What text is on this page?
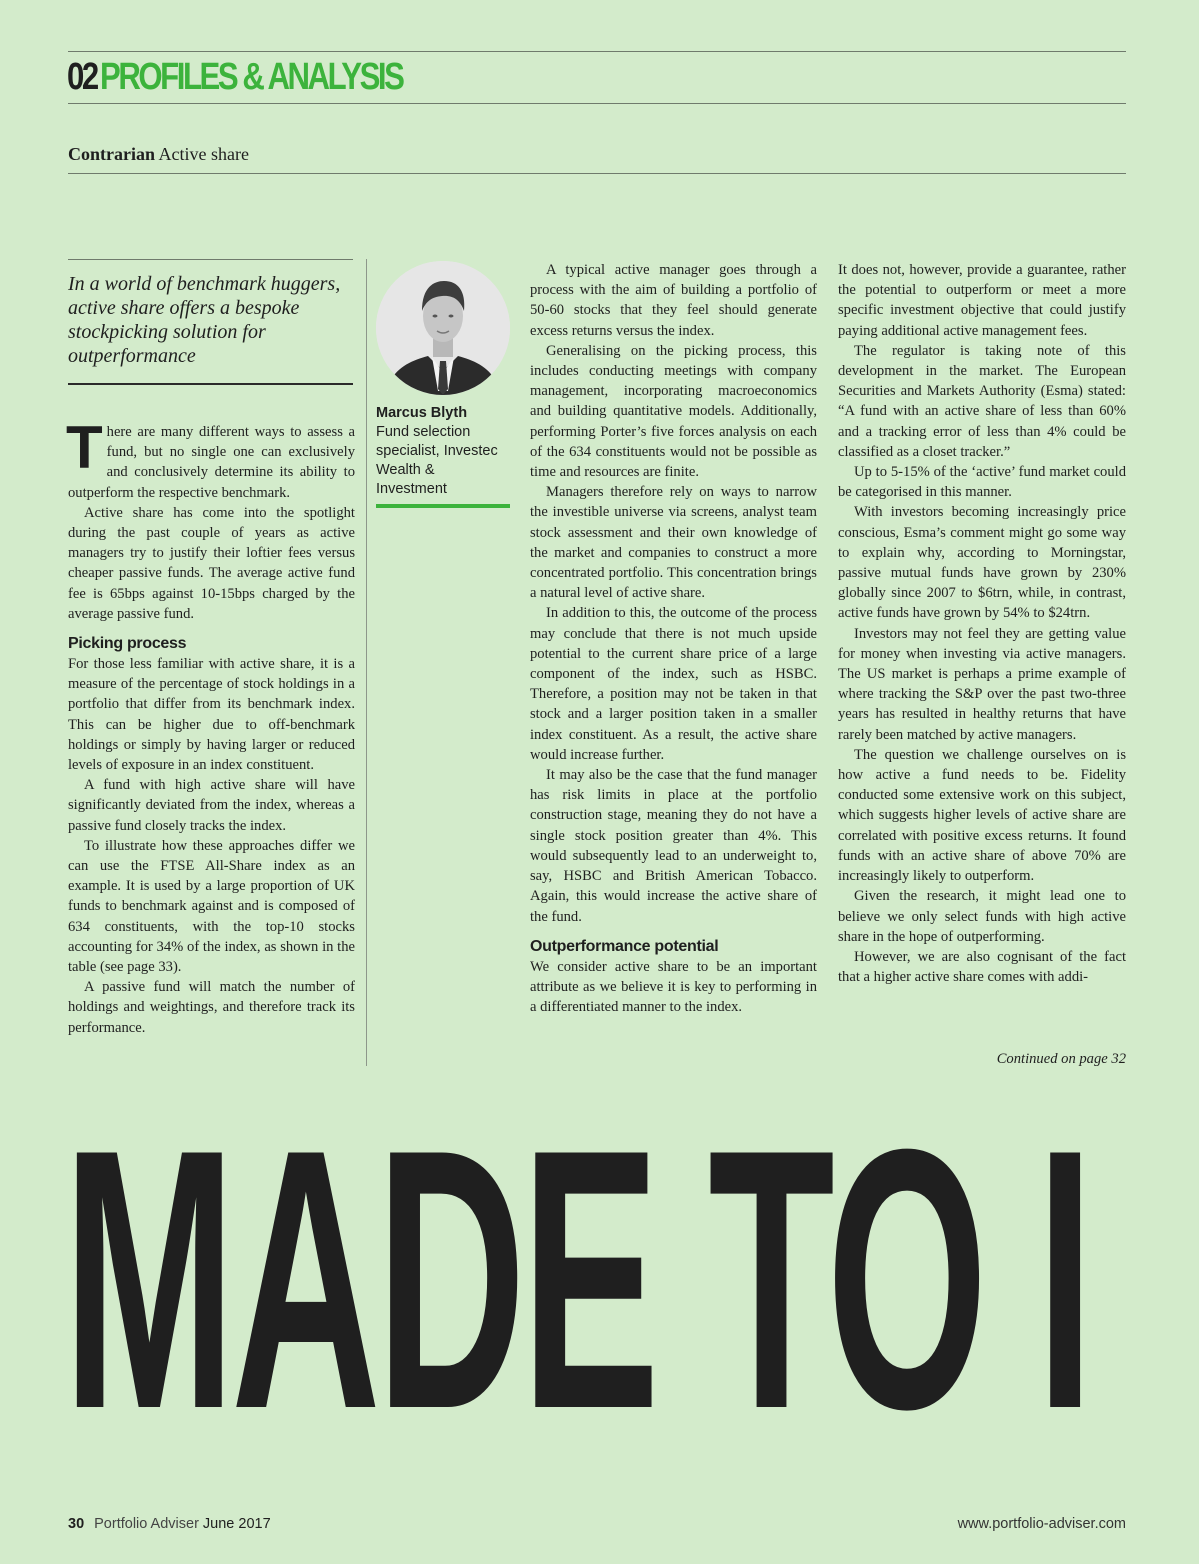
02PROFILES & ANALYSIS
Contrarian Active share

In a world of benchmark huggers, active share offers a bespoke stockpicking solution for outperformance

Marcus Blyth
Fund selection specialist, Investec Wealth & Investment

There are many different ways to assess a fund, but no single one can exclusively and conclusively determine its ability to outperform the respective benchmark.

Active share has come into the spotlight during the past couple of years as active managers try to justify their loftier fees versus cheaper passive funds. The average active fund fee is 65bps against 10-15bps charged by the average passive fund.

Picking process

For those less familiar with active share, it is a measure of the percentage of stock holdings in a portfolio that differ from its benchmark index. This can be higher due to off-benchmark holdings or simply by having larger or reduced levels of exposure in an index constituent.

A fund with high active share will have significantly deviated from the index, whereas a passive fund closely tracks the index.

To illustrate how these approaches differ we can use the FTSE All-Share index as an example. It is used by a large proportion of UK funds to benchmark against and is composed of 634 constituents, with the top-10 stocks accounting for 34% of the index, as shown in the table (see page 33).

A passive fund will match the number of holdings and weightings, and therefore track its performance.

A typical active manager goes through a process with the aim of building a portfolio of 50-60 stocks that they feel should generate excess returns versus the index.

Generalising on the picking process, this includes conducting meetings with company management, incorporating macroeconomics and building quantitative models. Additionally, performing Porter’s five forces analysis on each of the 634 constituents would not be possible as time and resources are finite.

Managers therefore rely on ways to narrow the investible universe via screens, analyst team stock assessment and their own knowledge of the market and companies to construct a more concentrated portfolio. This concentration brings a natural level of active share.

In addition to this, the outcome of the process may conclude that there is not much upside potential to the current share price of a large component of the index, such as HSBC. Therefore, a position may not be taken in that stock and a larger position taken in a smaller index constituent. As a result, the active share would increase further.

It may also be the case that the fund manager has risk limits in place at the portfolio construction stage, meaning they do not have a single stock position greater than 4%. This would subsequently lead to an underweight to, say, HSBC and British American Tobacco. Again, this would increase the active share of the fund.

Outperformance potential

We consider active share to be an important attribute as we believe it is key to performing in a differentiated manner to the index.

It does not, however, provide a guarantee, rather the potential to outperform or meet a more specific investment objective that could justify paying additional active management fees.

The regulator is taking note of this development in the market. The European Securities and Markets Authority (Esma) stated: “A fund with an active share of less than 60% and a tracking error of less than 4% could be classified as a closet tracker.”

Up to 5-15% of the ‘active’ fund market could be categorised in this manner.

With investors becoming increasingly price conscious, Esma’s comment might go some way to explain why, according to Morningstar, passive mutual funds have grown by 230% globally since 2007 to $6trn, while, in contrast, active funds have grown by 54% to $24trn.

Investors may not feel they are getting value for money when investing via active managers. The US market is perhaps a prime example of where tracking the S&P over the past two-three years has resulted in healthy returns that have rarely been matched by active managers.

The question we challenge ourselves on is how active a fund needs to be. Fidelity conducted some extensive work on this subject, which suggests higher levels of active share are correlated with positive excess returns. It found funds with an active share of above 70% are increasingly likely to outperform.

Given the research, it might lead one to believe we only select funds with high active share in the hope of outperforming.

However, we are also cognisant of the fact that a higher active share comes with addi-

Continued on page 32
MADE TO I
30 Portfolio Adviser June 2017	www.portfolio-adviser.com
